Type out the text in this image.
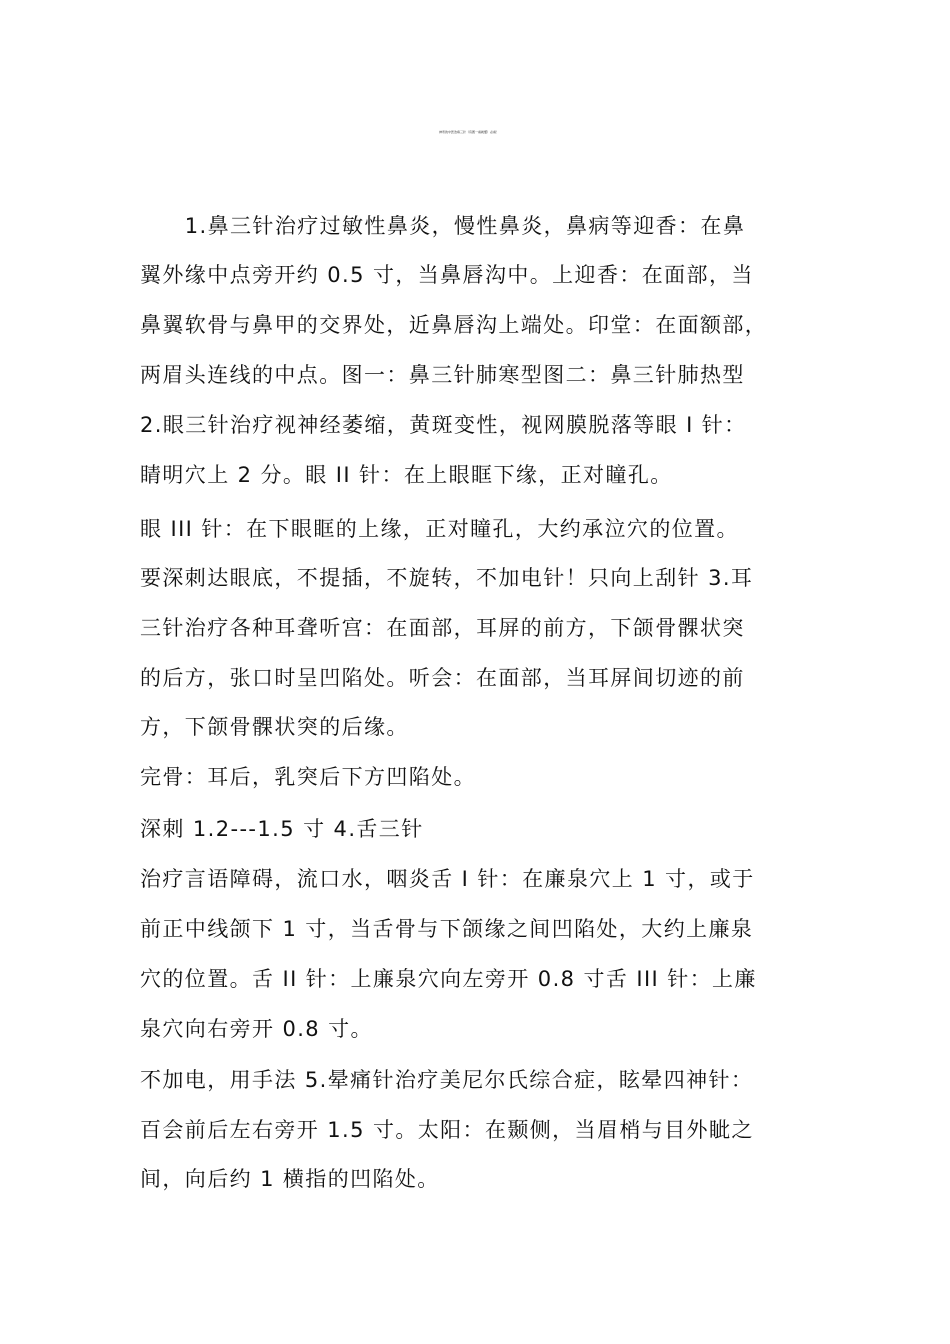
神奇的中医治病三针（有图一看就懂）必看！
　　1.鼻三针治疗过敏性鼻炎，慢性鼻炎，鼻病等迎香：在鼻
翼外缘中点旁开约 0.5 寸，当鼻唇沟中。上迎香：在面部，当
鼻翼软骨与鼻甲的交界处，近鼻唇沟上端处。印堂：在面额部，
两眉头连线的中点。图一：鼻三针肺寒型图二：鼻三针肺热型
2.眼三针治疗视神经萎缩，黄斑变性，视网膜脱落等眼 I 针：
睛明穴上 2 分。眼 II 针：在上眼眶下缘，正对瞳孔。
眼 III 针：在下眼眶的上缘，正对瞳孔，大约承泣穴的位置。
要深刺达眼底，不提插，不旋转，不加电针！只向上刮针 3.耳
三针治疗各种耳聋听宫：在面部，耳屏的前方，下颌骨髁状突
的后方，张口时呈凹陷处。听会：在面部，当耳屏间切迹的前
方，下颌骨髁状突的后缘。
完骨：耳后，乳突后下方凹陷处。
深刺 1.2---1.5 寸 4.舌三针
治疗言语障碍，流口水，咽炎舌 I 针：在廉泉穴上 1 寸，或于
前正中线颌下 1 寸，当舌骨与下颌缘之间凹陷处，大约上廉泉
穴的位置。舌 II 针：上廉泉穴向左旁开 0.8 寸舌 III 针：上廉
泉穴向右旁开 0.8 寸。
不加电，用手法 5.晕痛针治疗美尼尔氏综合症，眩晕四神针：
百会前后左右旁开 1.5 寸。太阳：在颞侧，当眉梢与目外眦之
间，向后约 1 横指的凹陷处。
